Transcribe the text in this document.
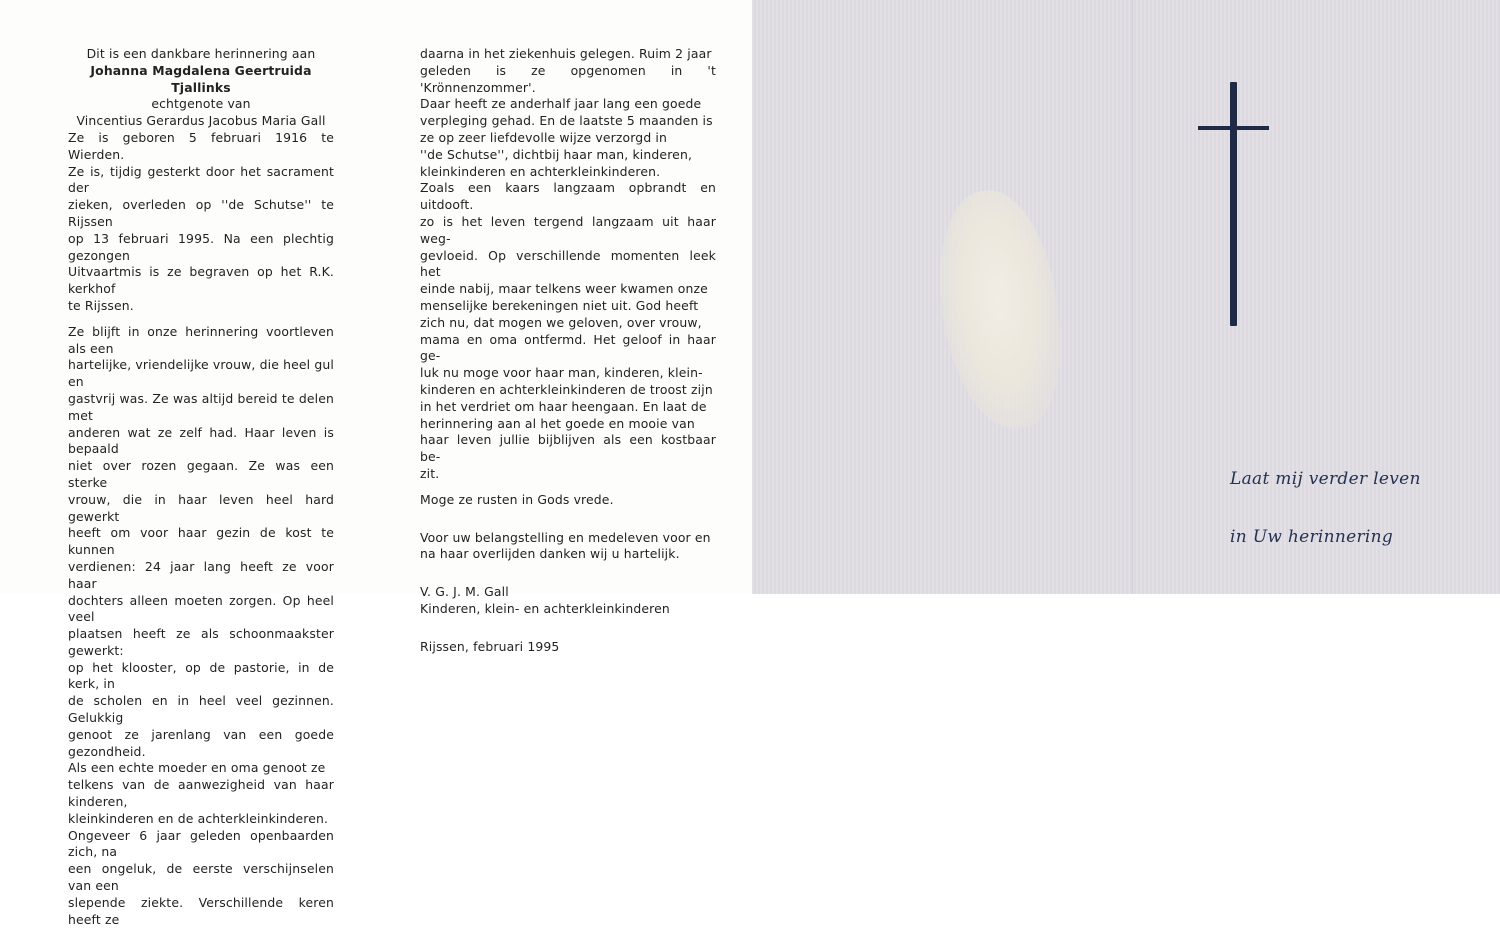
Dit is een dankbare herinnering aan

Johanna Magdalena Geertruida Tjallinks

echtgenote van

Vincentius Gerardus Jacobus Maria Gall

Ze is geboren 5 februari 1916 te Wierden.

Ze is, tijdig gesterkt door het sacrament der

zieken, overleden op ''de Schutse'' te Rijssen

op 13 februari 1995. Na een plechtig gezongen

Uitvaartmis is ze begraven op het R.K. kerkhof

te Rijssen.

Ze blijft in onze herinnering voortleven als een

hartelijke, vriendelijke vrouw, die heel gul en

gastvrij was. Ze was altijd bereid te delen met

anderen wat ze zelf had. Haar leven is bepaald

niet over rozen gegaan. Ze was een sterke

vrouw, die in haar leven heel hard gewerkt

heeft om voor haar gezin de kost te kunnen

verdienen: 24 jaar lang heeft ze voor haar

dochters alleen moeten zorgen. Op heel veel

plaatsen heeft ze als schoonmaakster gewerkt:

op het klooster, op de pastorie, in de kerk, in

de scholen en in heel veel gezinnen. Gelukkig

genoot ze jarenlang van een goede gezondheid.

Als een echte moeder en oma genoot ze

telkens van de aanwezigheid van haar kinderen,

kleinkinderen en de achterkleinkinderen.

Ongeveer 6 jaar geleden openbaarden zich, na

een ongeluk, de eerste verschijnselen van een

slepende ziekte. Verschillende keren heeft ze

daarna in het ziekenhuis gelegen. Ruim 2 jaar

geleden is ze opgenomen in 't 'Krönnenzommer'.

Daar heeft ze anderhalf jaar lang een goede

verpleging gehad. En de laatste 5 maanden is

ze op zeer liefdevolle wijze verzorgd in

''de Schutse'', dichtbij haar man, kinderen,

kleinkinderen en achterkleinkinderen.

Zoals een kaars langzaam opbrandt en uitdooft.

zo is het leven tergend langzaam uit haar weg-

gevloeid. Op verschillende momenten leek het

einde nabij, maar telkens weer kwamen onze

menselijke berekeningen niet uit. God heeft

zich nu, dat mogen we geloven, over vrouw,

mama en oma ontfermd. Het geloof in haar ge-

luk nu moge voor haar man, kinderen, klein-

kinderen en achterkleinkinderen de troost zijn

in het verdriet om haar heengaan. En laat de

herinnering aan al het goede en mooie van

haar leven jullie bijblijven als een kostbaar be-

zit.

Moge ze rusten in Gods vrede.

Voor uw belangstelling en medeleven voor en

na haar overlijden danken wij u hartelijk.

V. G. J. M. Gall

Kinderen, klein- en achterkleinkinderen

Rijssen, februari 1995

Laat mij verder leven
in Uw herinnering
